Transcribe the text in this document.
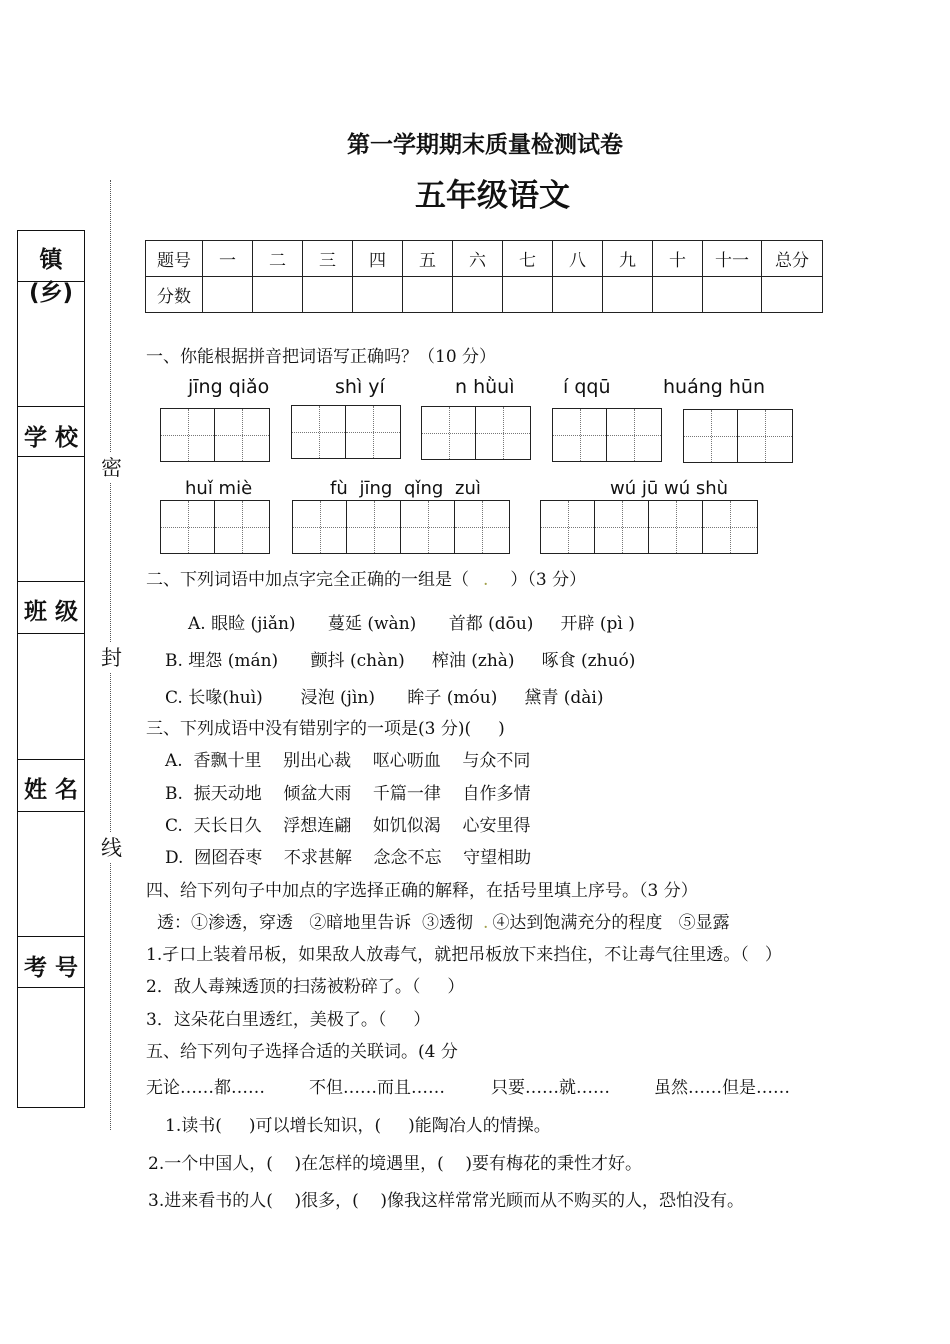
第一学期期末质量检测试卷
五年级语文
镇(乡)
学 校
班 级
姓 名
考 号
密
封
线
题号	一	二	三	四	五	六	七	八	九	十	十一	总分
分数												
一、你能根据拼音把词语写正确吗？（10 分）
jīng qiǎo	shì yí	n hǜuì	í qqū	huáng hūn
huǐ miè	fù jīng qǐng zuì	wú jū wú shù
二、下列词语中加点字完全正确的一组是（ . ）（3 分）
A. 眼睑 (jiǎn)      蔓延 (wàn)      首都 (dōu)     开辟 (pì )
B. 埋怨 (mán)      颤抖 (chàn)     榨油 (zhà)     啄食 (zhuó)
C. 长喙(huì)       浸泡 (jìn)      眸子 (móu)     黛青 (dài)
三、下列成语中没有错别字的一项是(3 分)(     )
A.  香飘十里    别出心裁    呕心呖血    与众不同
B.  振天动地    倾盆大雨    千篇一律    自作多情
C.  天长日久    浮想连翩    如饥似渴    心安里得
D.  囫囵吞枣    不求甚解    念念不忘    守望相助
四、给下列句子中加点的字选择正确的解释，在括号里填上序号。（3 分）
透：①渗透，穿透   ②暗地里告诉  ③透彻 . ④达到饱满充分的程度   ⑤显露
1.孑口上装着吊板，如果敌人放毒气，就把吊板放下来挡住，不让毒气往里透。（   ）
2．敌人毒辣透顶的扫荡被粉碎了。（     ）
3．这朵花白里透红，美极了。（     ）
五、给下列句子选择合适的关联词。(4 分
无论……都……	不但……而且……	只要……就……	虽然……但是……
1.读书(     )可以增长知识，(     )能陶冶人的情操。
2.一个中国人，(    )在怎样的境遇里，(    )要有梅花的秉性才好。
3.进来看书的人(    )很多，(    )像我这样常常光顾而从不购买的人，恐怕没有。
